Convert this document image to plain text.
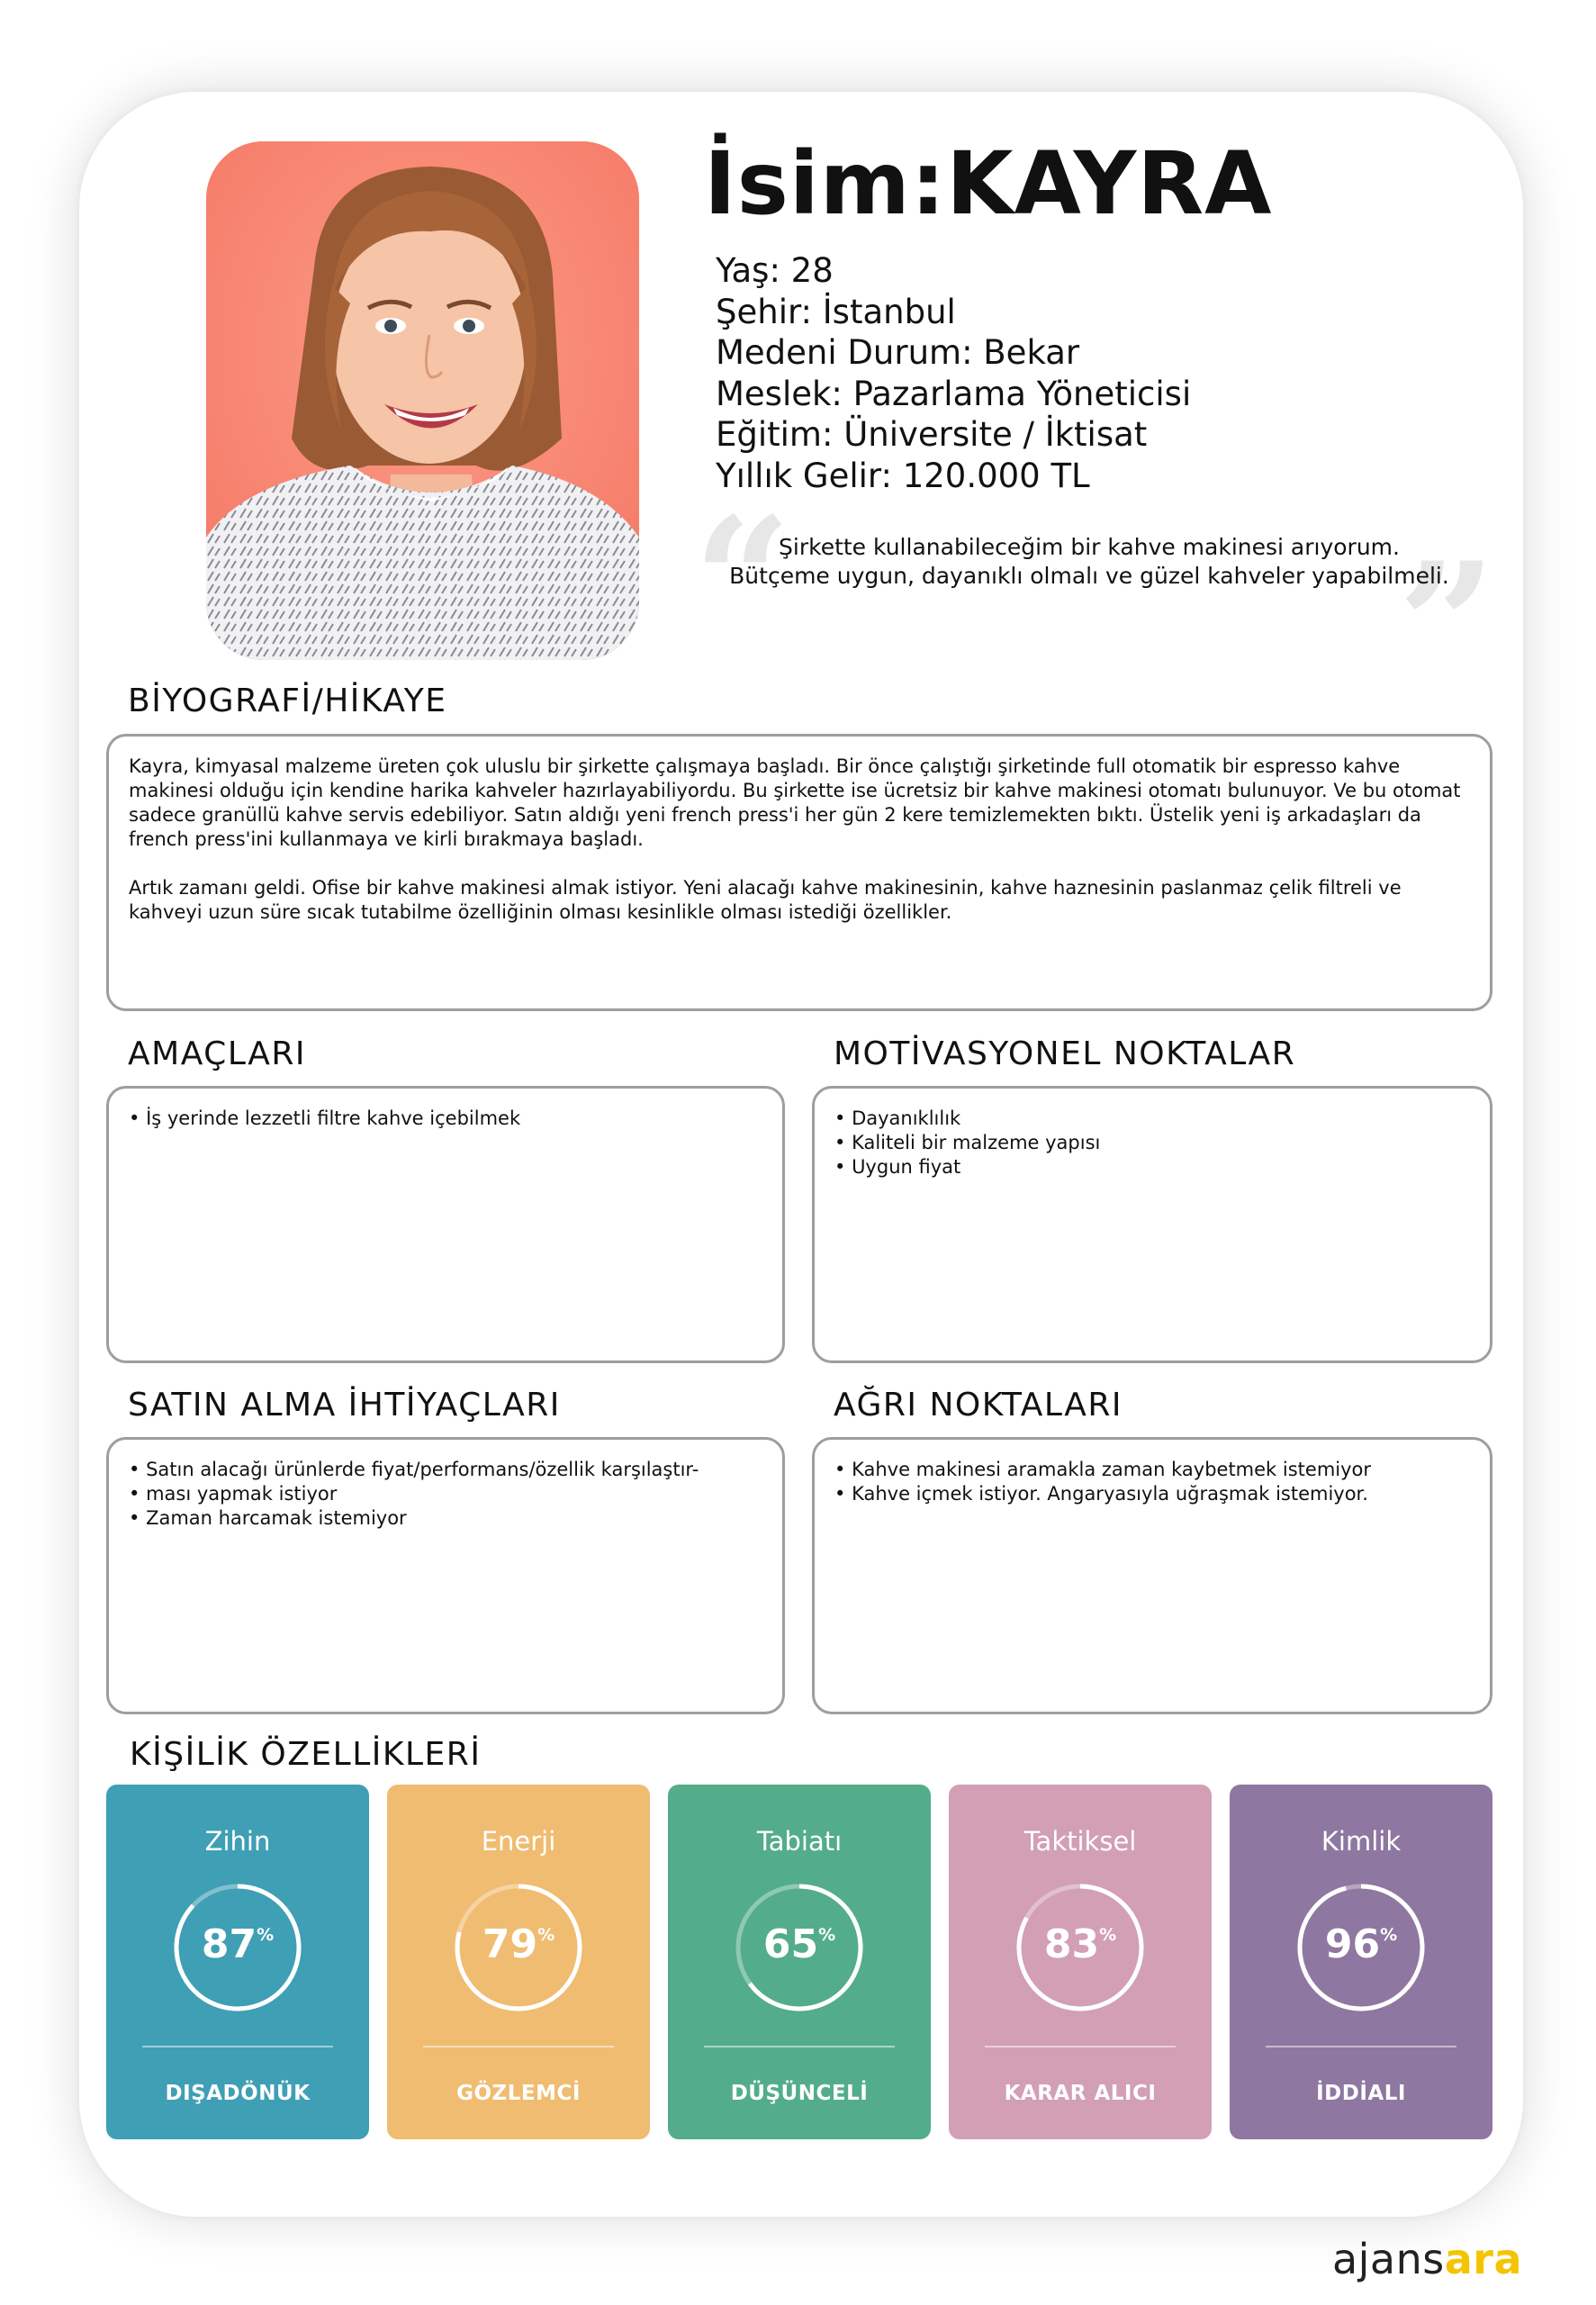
İsim:KAYRA
Yaş: 28
Şehir: İstanbul
Medeni Durum: Bekar
Meslek: Pazarlama Yöneticisi
Eğitim: Üniversite / İktisat
Yıllık Gelir: 120.000 TL
“	”
Şirkette kullanabileceğim bir kahve makinesi arıyorum.
Bütçeme uygun, dayanıklı olmalı ve güzel kahveler yapabilmeli.
BİYOGRAFİ/HİKAYE

Kayra, kimyasal malzeme üreten çok uluslu bir şirkette çalışmaya başladı. Bir önce çalıştığı şirketinde full otomatik bir espresso kahve makinesi olduğu için kendine harika kahveler hazırlayabiliyordu. Bu şirkette ise ücretsiz bir kahve makinesi otomatı bulunuyor. Ve bu otomat sadece granüllü kahve servis edebiliyor. Satın aldığı yeni french press'i her gün 2 kere temizlemekten bıktı. Üstelik yeni iş arkadaşları da french press'ini kullanmaya ve kirli bırakmaya başladı.

Artık zamanı geldi. Ofise bir kahve makinesi almak istiyor. Yeni alacağı kahve makinesinin, kahve haznesinin paslanmaz çelik filtreli ve kahveyi uzun süre sıcak tutabilme özelliğinin olması kesinlikle olması istediği özellikler.

AMAÇLARI
• İş yerinde lezzetli filtre kahve içebilmek
MOTİVASYONEL NOKTALAR
• Dayanıklılık
• Kaliteli bir malzeme yapısı
• Uygun fiyat
SATIN ALMA İHTİYAÇLARI
• Satın alacağı ürünlerde fiyat/performans/özellik karşılaştır-
• ması yapmak istiyor
• Zaman harcamak istemiyor
AĞRI NOKTALARI
• Kahve makinesi aramakla zaman kaybetmek istemiyor
• Kahve içmek istiyor. Angaryasıyla uğraşmak istemiyor.
KİŞİLİK ÖZELLİKLERİ
Zihin
87%
DIŞADÖNÜK
Enerji
79%
GÖZLEMCİ
Tabiatı
65%
DÜŞÜNCELİ
Taktiksel
83%
KARAR ALICI
Kimlik
96%
İDDİALI
ajansara
